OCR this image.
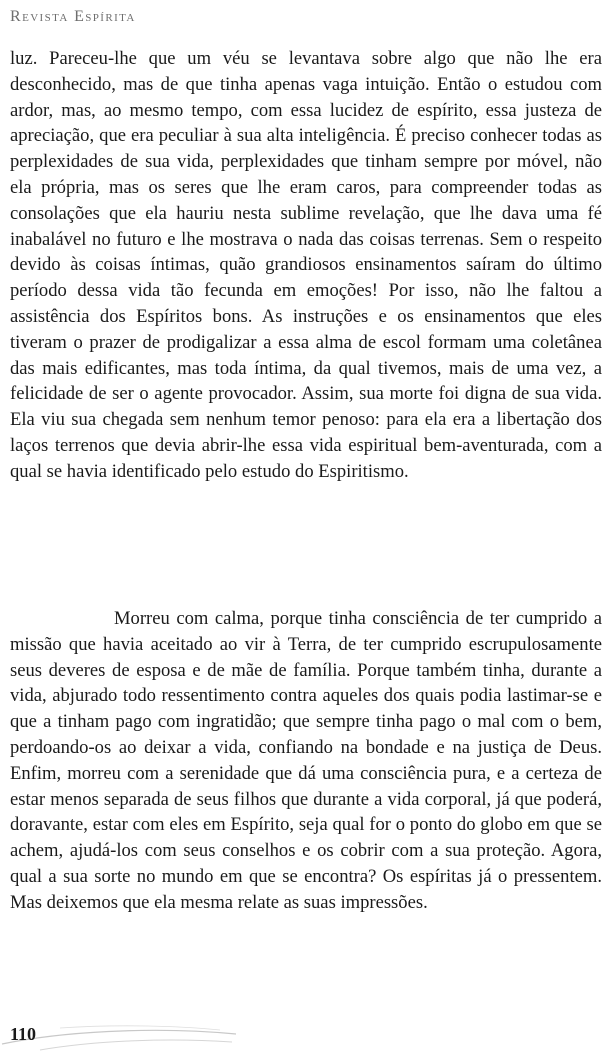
Revista Espírita

luz. Pareceu-lhe que um véu se levantava sobre algo que não lhe era desconhecido, mas de que tinha apenas vaga intuição. Então o estudou com ardor, mas, ao mesmo tempo, com essa lucidez de espírito, essa justeza de apreciação, que era peculiar à sua alta inteligência. É preciso conhecer todas as perplexidades de sua vida, perplexidades que tinham sempre por móvel, não ela própria, mas os seres que lhe eram caros, para compreender todas as consolações que ela hauriu nesta sublime revelação, que lhe dava uma fé inabalável no futuro e lhe mostrava o nada das coisas terrenas. Sem o respeito devido às coisas íntimas, quão grandiosos ensinamentos saíram do último período dessa vida tão fecunda em emoções! Por isso, não lhe faltou a assistência dos Espíritos bons. As instruções e os ensinamentos que eles tiveram o prazer de prodigalizar a essa alma de escol formam uma coletânea das mais edificantes, mas toda íntima, da qual tivemos, mais de uma vez, a felicidade de ser o agente provocador. Assim, sua morte foi digna de sua vida. Ela viu sua chegada sem nenhum temor penoso: para ela era a libertação dos laços terrenos que devia abrir-lhe essa vida espiritual bem-aventurada, com a qual se havia identificado pelo estudo do Espiritismo.

Morreu com calma, porque tinha consciência de ter cumprido a missão que havia aceitado ao vir à Terra, de ter cumprido escrupulosamente seus deveres de esposa e de mãe de família. Porque também tinha, durante a vida, abjurado todo ressentimento contra aqueles dos quais podia lastimar-se e que a tinham pago com ingratidão; que sempre tinha pago o mal com o bem, perdoando-os ao deixar a vida, confiando na bondade e na justiça de Deus. Enfim, morreu com a serenidade que dá uma consciência pura, e a certeza de estar menos separada de seus filhos que durante a vida corporal, já que poderá, doravante, estar com eles em Espírito, seja qual for o ponto do globo em que se achem, ajudá-los com seus conselhos e os cobrir com a sua proteção. Agora, qual a sua sorte no mundo em que se encontra? Os espíritas já o pressentem. Mas deixemos que ela mesma relate as suas impressões.

110
